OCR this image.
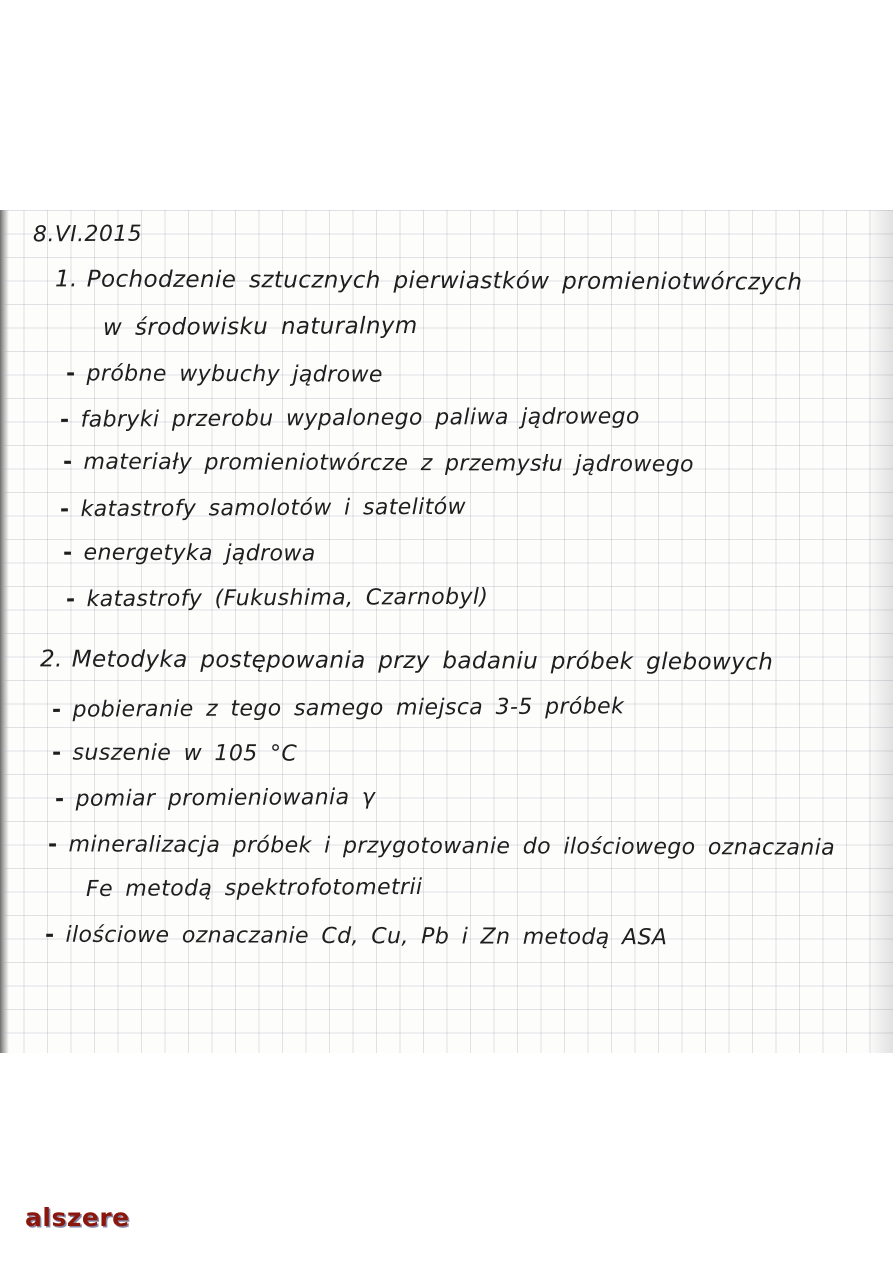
8.VI.2015
1. Pochodzenie sztucznych pierwiastków promieniotwórczych
w środowisku naturalnym
- próbne wybuchy jądrowe
- fabryki przerobu wypalonego paliwa jądrowego
- materiały promieniotwórcze z przemysłu jądrowego
- katastrofy samolotów i satelitów
- energetyka jądrowa
- katastrofy (Fukushima, Czarnobyl)
2. Metodyka postępowania przy badaniu próbek glebowych
- pobieranie z tego samego miejsca 3-5 próbek
- suszenie w 105 °C
- pomiar promieniowania γ
- mineralizacja próbek i przygotowanie do ilościowego oznaczania
Fe metodą spektrofotometrii
- ilościowe oznaczanie Cd, Cu, Pb i Zn metodą ASA
alszere
